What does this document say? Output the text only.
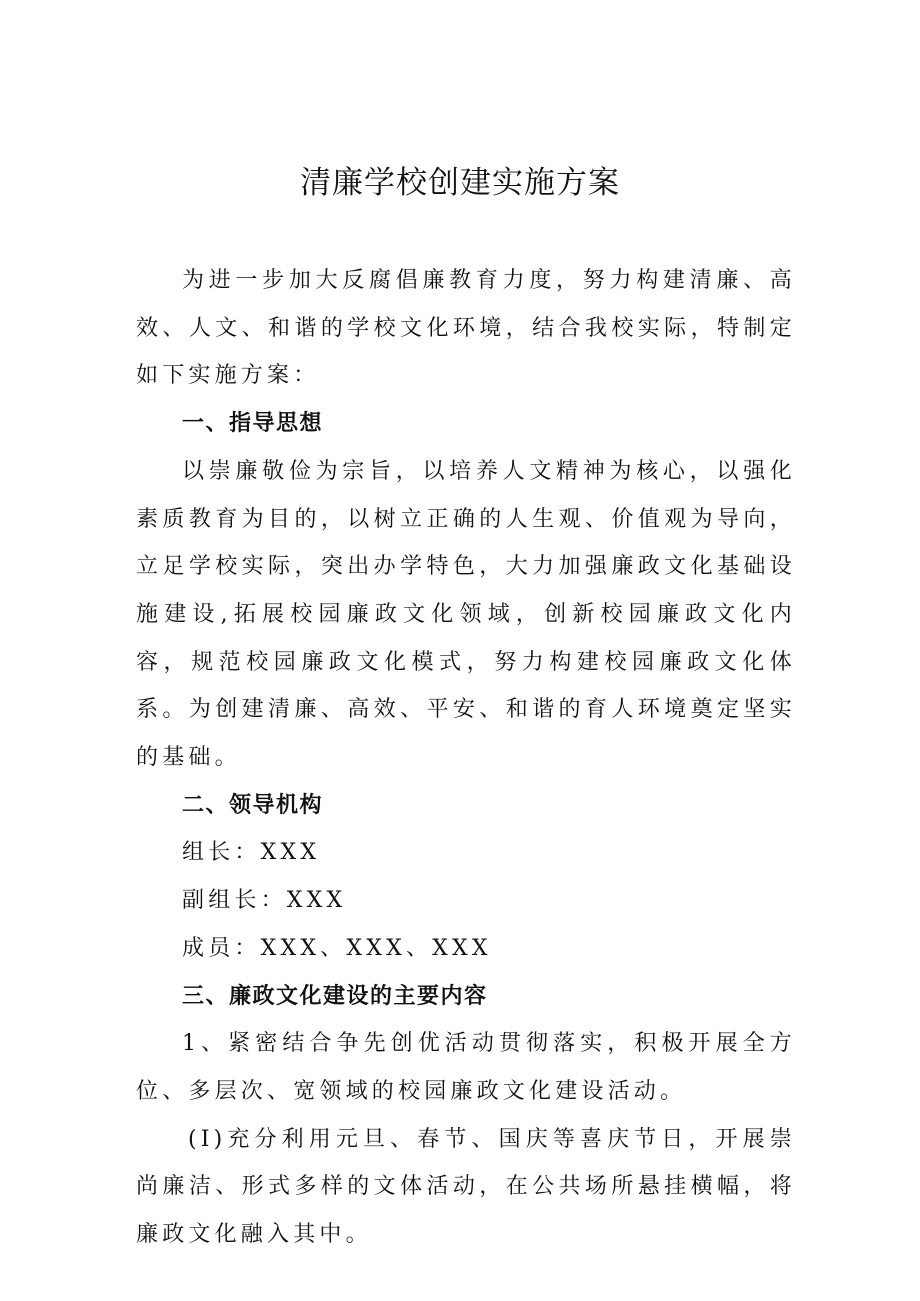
清廉学校创建实施方案

为进一步加大反腐倡廉教育力度，努力构建清廉、高效、人文、和谐的学校文化环境，结合我校实际，特制定如下实施方案：

一、指导思想

以崇廉敬俭为宗旨，以培养人文精神为核心，以强化素质教育为目的，以树立正确的人生观、价值观为导向，立足学校实际，突出办学特色，大力加强廉政文化基础设施建设,拓展校园廉政文化领域，创新校园廉政文化内容，规范校园廉政文化模式，努力构建校园廉政文化体系。为创建清廉、高效、平安、和谐的育人环境奠定坚实的基础。

二、领导机构

组长：XXX

副组长：XXX

成员：XXX、XXX、XXX

三、廉政文化建设的主要内容

1、紧密结合争先创优活动贯彻落实，积极开展全方位、多层次、宽领域的校园廉政文化建设活动。

(I)充分利用元旦、春节、国庆等喜庆节日，开展崇尚廉洁、形式多样的文体活动，在公共场所悬挂横幅，将廉政文化融入其中。
